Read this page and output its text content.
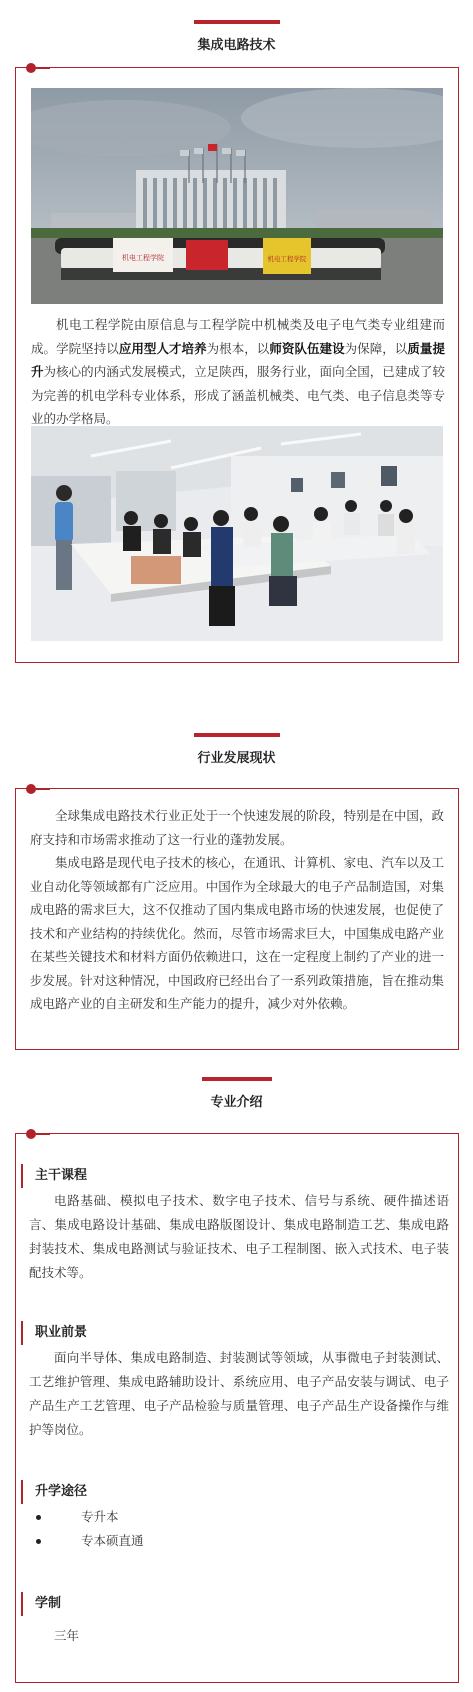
集成电路技术
机电工程学院	机电工程学院
机电工程学院由原信息与工程学院中机械类及电子电气类专业组建而成。学院坚持以应用型人才培养为根本，以师资队伍建设为保障，以质量提升为核心的内涵式发展模式，立足陕西，服务行业，面向全国，已建成了较为完善的机电学科专业体系，形成了涵盖机械类、电气类、电子信息类等专业的办学格局。
行业发展现状
全球集成电路技术行业正处于一个快速发展的阶段，特别是在中国，政府支持和市场需求推动了这一行业的蓬勃发展。
集成电路是现代电子技术的核心，在通讯、计算机、家电、汽车以及工业自动化等领域都有广泛应用。中国作为全球最大的电子产品制造国，对集成电路的需求巨大，这不仅推动了国内集成电路市场的快速发展，也促使了技术和产业结构的持续优化。然而，尽管市场需求巨大，中国集成电路产业在某些关键技术和材料方面仍依赖进口，这在一定程度上制约了产业的进一步发展。针对这种情况，中国政府已经出台了一系列政策措施，旨在推动集成电路产业的自主研发和生产能力的提升，减少对外依赖。
专业介绍
主干课程
电路基础、模拟电子技术、数字电子技术、信号与系统、硬件描述语言、集成电路设计基础、集成电路版图设计、集成电路制造工艺、集成电路封装技术、集成电路测试与验证技术、电子工程制图、嵌入式技术、电子装配技术等。
职业前景
面向半导体、集成电路制造、封装测试等领域，从事微电子封装测试、工艺维护管理、集成电路辅助设计、系统应用、电子产品安装与调试、电子产品生产工艺管理、电子产品检验与质量管理、电子产品生产设备操作与维护等岗位。
升学途径
专升本
专本硕直通
学制
三年
